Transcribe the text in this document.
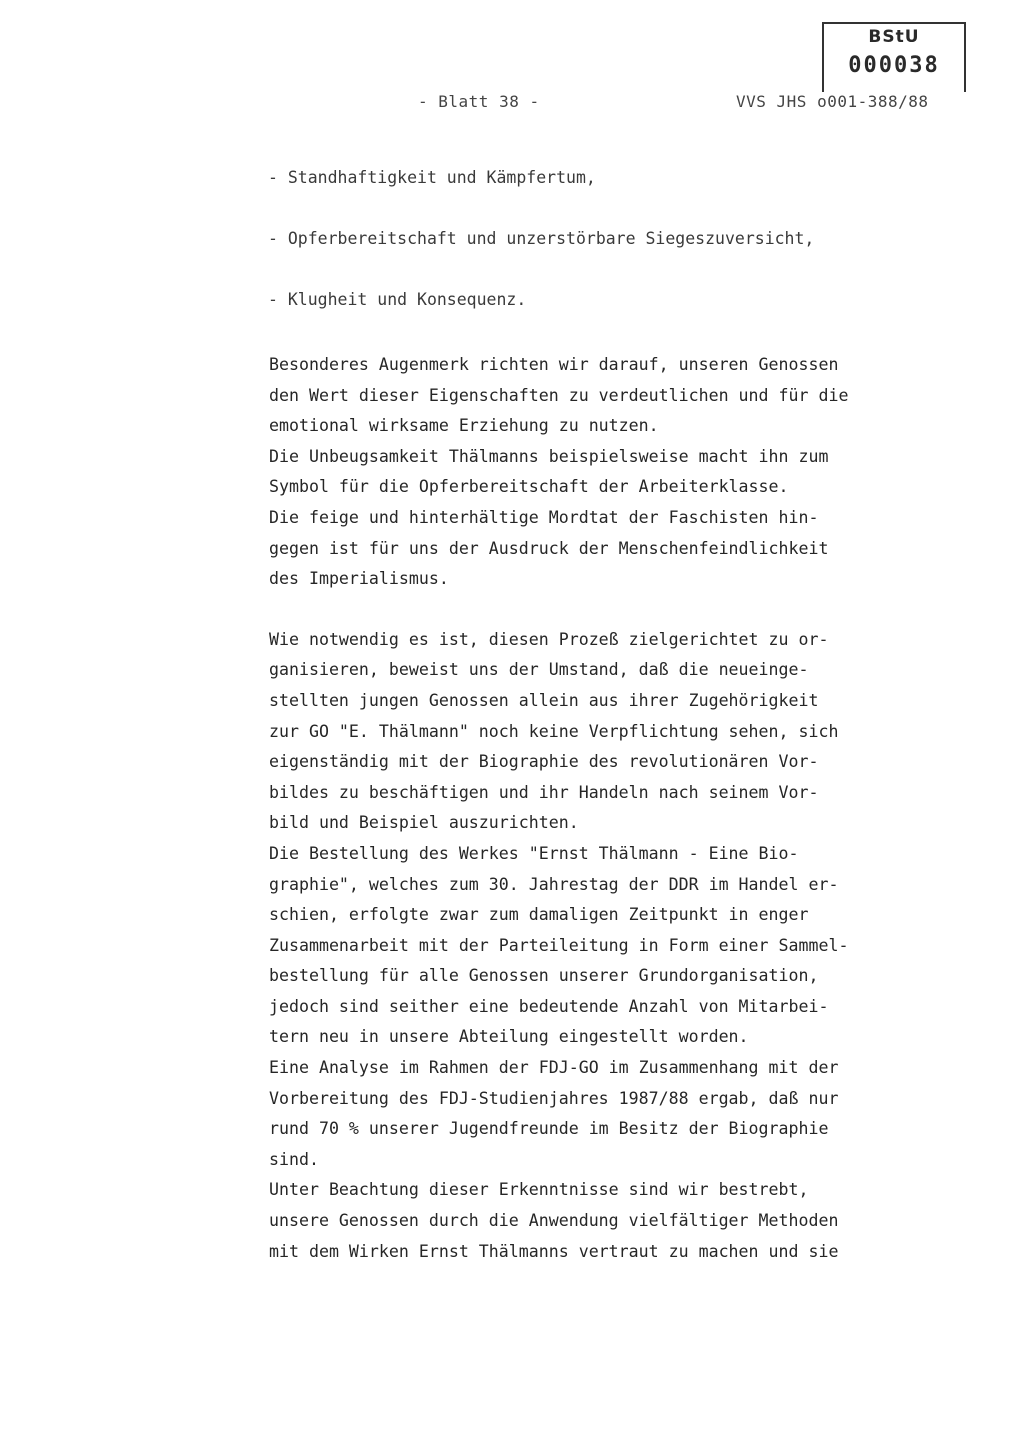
BStU
000038
- Blatt 38 -	VVS JHS o001-388/88
- Standhaftigkeit und Kämpfertum,
- Opferbereitschaft und unzerstörbare Siegeszuversicht,
- Klugheit und Konsequenz.
Besonderes Augenmerk richten wir darauf, unseren Genossen
den Wert dieser Eigenschaften zu verdeutlichen und für die
emotional wirksame Erziehung zu nutzen.
Die Unbeugsamkeit Thälmanns beispielsweise macht ihn zum
Symbol für die Opferbereitschaft der Arbeiterklasse.
Die feige und hinterhältige Mordtat der Faschisten hin-
gegen ist für uns der Ausdruck der Menschenfeindlichkeit
des Imperialismus.
Wie notwendig es ist, diesen Prozeß zielgerichtet zu or-
ganisieren, beweist uns der Umstand, daß die neueinge-
stellten jungen Genossen allein aus ihrer Zugehörigkeit
zur GO "E. Thälmann" noch keine Verpflichtung sehen, sich
eigenständig mit der Biographie des revolutionären Vor-
bildes zu beschäftigen und ihr Handeln nach seinem Vor-
bild und Beispiel auszurichten.
Die Bestellung des Werkes "Ernst Thälmann - Eine Bio-
graphie", welches zum 30. Jahrestag der DDR im Handel er-
schien, erfolgte zwar zum damaligen Zeitpunkt in enger
Zusammenarbeit mit der Parteileitung in Form einer Sammel-
bestellung für alle Genossen unserer Grundorganisation,
jedoch sind seither eine bedeutende Anzahl von Mitarbei-
tern neu in unsere Abteilung eingestellt worden.
Eine Analyse im Rahmen der FDJ-GO im Zusammenhang mit der
Vorbereitung des FDJ-Studienjahres 1987/88 ergab, daß nur
rund 70 % unserer Jugendfreunde im Besitz der Biographie
sind.
Unter Beachtung dieser Erkenntnisse sind wir bestrebt,
unsere Genossen durch die Anwendung vielfältiger Methoden
mit dem Wirken Ernst Thälmanns vertraut zu machen und sie
